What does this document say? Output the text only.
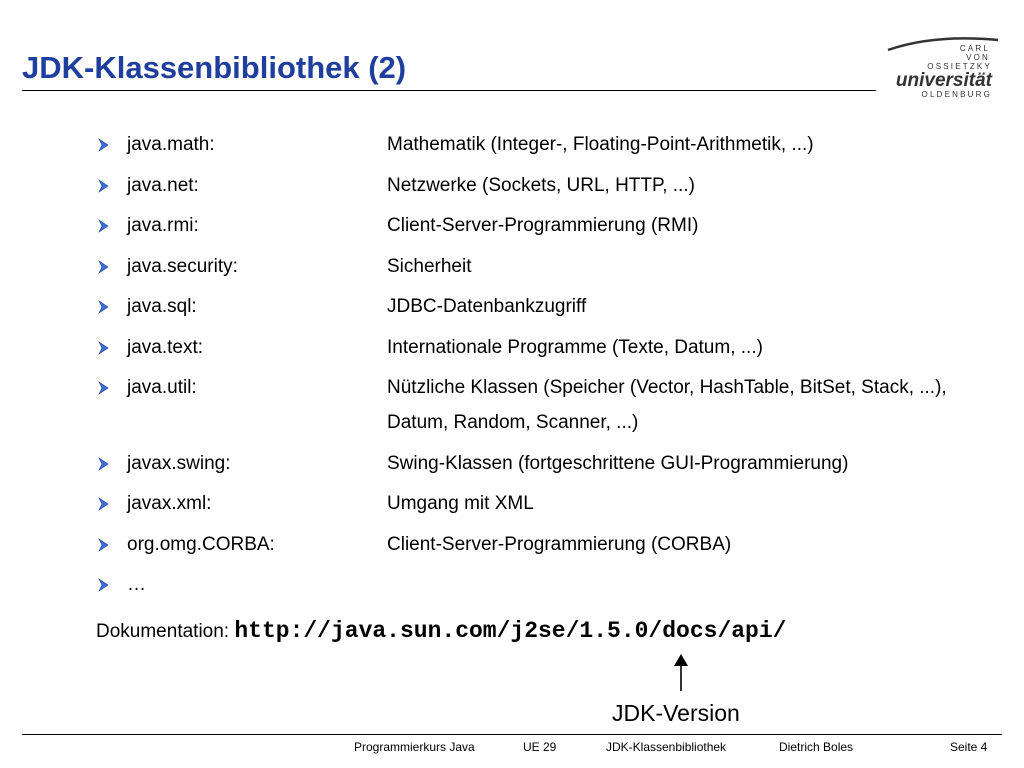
JDK-Klassenbibliothek (2)
CARL
VON
OSSIETZKY
universität
OLDENBURG
java.math:	Mathematik (Integer-, Floating-Point-Arithmetik, ...)
java.net:	Netzwerke (Sockets, URL, HTTP, ...)
java.rmi:	Client-Server-Programmierung (RMI)
java.security:	Sicherheit
java.sql:	JDBC-Datenbankzugriff
java.text:	Internationale Programme (Texte, Datum, ...)
java.util:	Nützliche Klassen (Speicher (Vector, HashTable, BitSet, Stack, ...), Datum, Random, Scanner, ...)
javax.swing:	Swing-Klassen (fortgeschrittene GUI-Programmierung)
javax.xml:	Umgang mit XML
org.omg.CORBA:	Client-Server-Programmierung (CORBA)
…
Dokumentation: http://java.sun.com/j2se/1.5.0/docs/api/
JDK-Version
Programmierkurs Java	UE 29	JDK-Klassenbibliothek	Dietrich Boles	Seite 4
